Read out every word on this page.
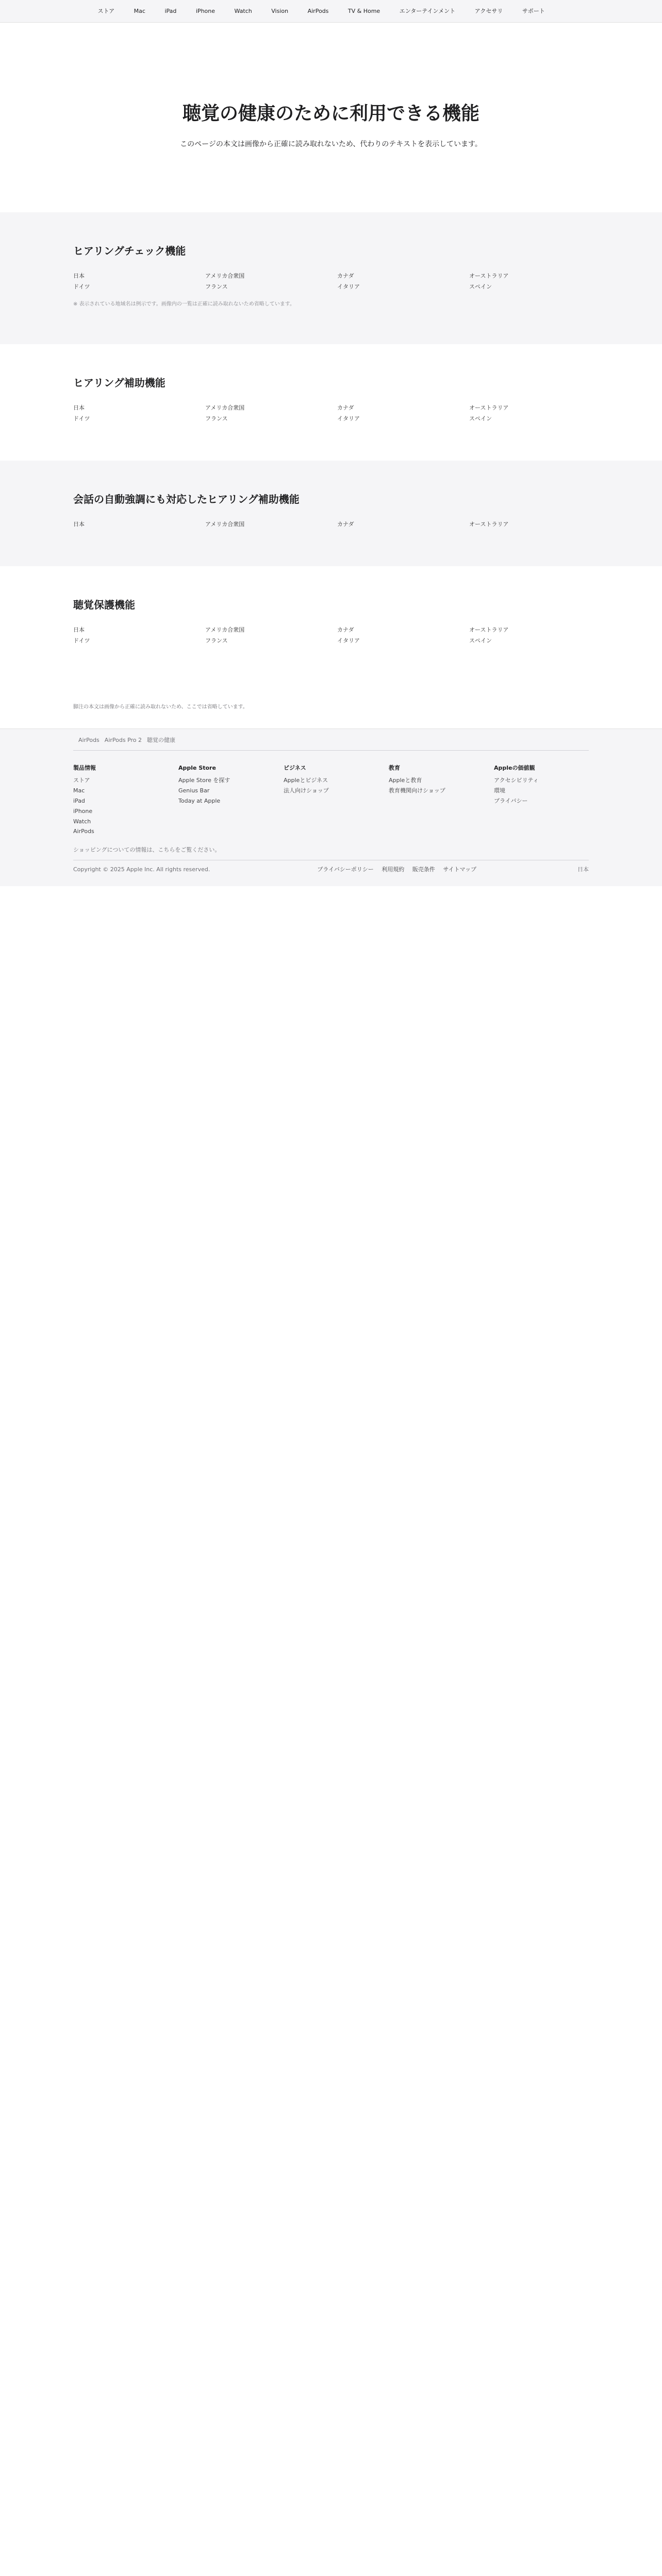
ストア	Mac	iPad	iPhone	Watch	Vision	AirPods	TV & Home	エンターテインメント	アクセサリ	サポート
聴覚の健康のために利用できる機能

このページの本文は画像から正確に読み取れないため、代わりのテキストを表示しています。

ヒアリングチェック機能
日本	アメリカ合衆国	カナダ	オーストラリア
ドイツ	フランス	イタリア	スペイン

※ 表示されている地域名は例示です。画像内の一覧は正確に読み取れないため省略しています。

ヒアリング補助機能
日本	アメリカ合衆国	カナダ	オーストラリア
ドイツ	フランス	イタリア	スペイン
会話の自動強調にも対応したヒアリング補助機能
日本	アメリカ合衆国	カナダ	オーストラリア
聴覚保護機能
日本	アメリカ合衆国	カナダ	オーストラリア
ドイツ	フランス	イタリア	スペイン

脚注の本文は画像から正確に読み取れないため、ここでは省略しています。

AirPods AirPods Pro 2 聴覚の健康
製品情報
ストア
Mac
iPad
iPhone
Watch
AirPods
Apple Store
Apple Store を探す
Genius Bar
Today at Apple
ビジネス
Appleとビジネス
法人向けショップ
教育
Appleと教育
教育機関向けショップ
Appleの価値観
アクセシビリティ
環境
プライバシー

ショッピングについての情報は、こちらをご覧ください。

Copyright © 2025 Apple Inc. All rights reserved.	プライバシーポリシー 利用規約 販売条件 サイトマップ	日本
